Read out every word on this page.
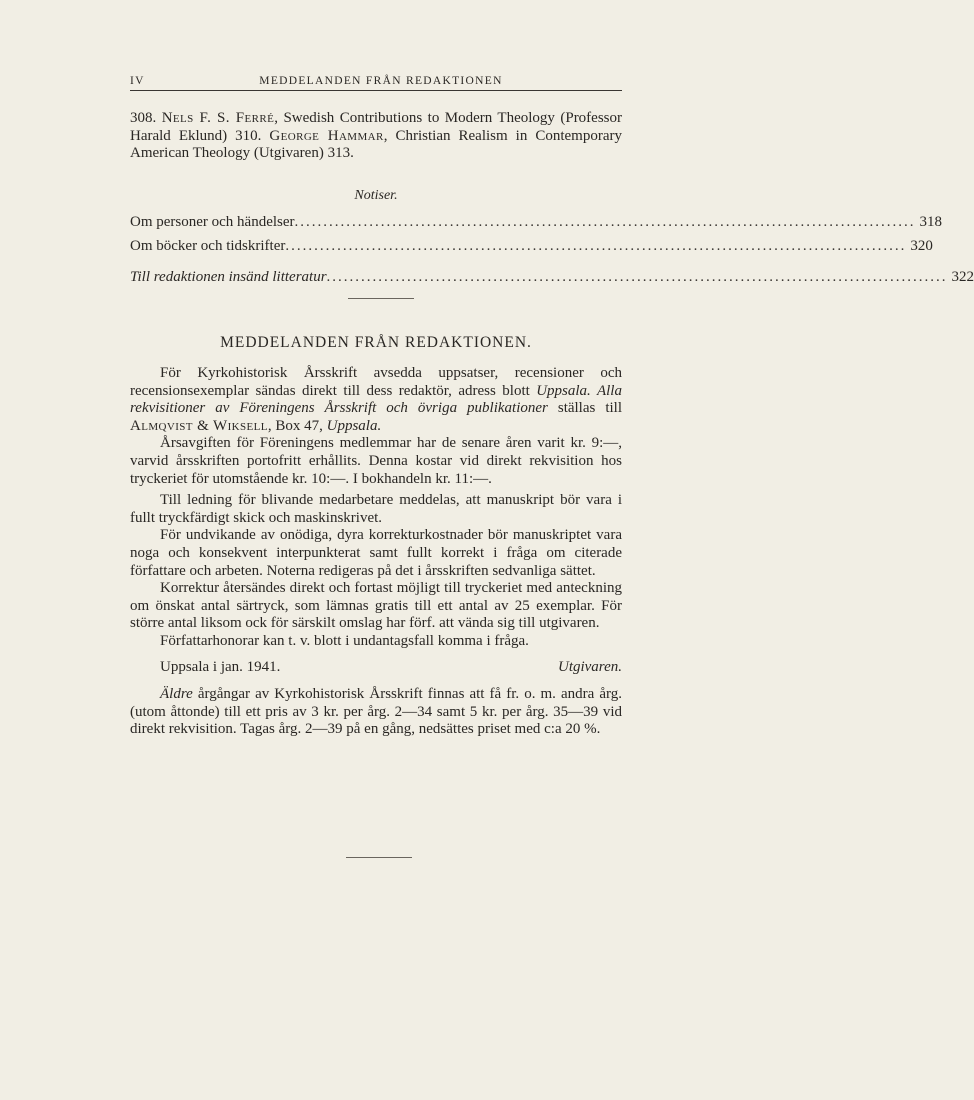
IV	MEDDELANDEN FRÅN REDAKTIONEN
308. Nels F. S. Ferré, Swedish Contributions to Modern Theology (Professor Harald Eklund) 310. George Hammar, Christian Realism in Contemporary American Theology (Utgivaren) 313.
Notiser.
Om personer och händelser ............................................................................................................ 318
Om böcker och tidskrifter ............................................................................................................ 320
Till redaktionen insänd litteratur ............................................................................................................ 322
MEDDELANDEN FRÅN REDAKTIONEN.
För Kyrkohistorisk Årsskrift avsedda uppsatser, recensioner och recensionsexemplar sändas direkt till dess redaktör, adress blott Uppsala. Alla rekvisitioner av Föreningens Årsskrift och övriga publikationer ställas till Almqvist & Wiksell, Box 47, Uppsala.
Årsavgiften för Föreningens medlemmar har de senare åren varit kr. 9:—, varvid årsskriften portofritt erhållits. Denna kostar vid direkt rekvisition hos tryckeriet för utomstående kr. 10:—. I bokhandeln kr. 11:—.
Till ledning för blivande medarbetare meddelas, att manuskript bör vara i fullt tryckfärdigt skick och maskinskrivet.
För undvikande av onödiga, dyra korrekturkostnader bör manuskriptet vara noga och konsekvent interpunkterat samt fullt korrekt i fråga om citerade författare och arbeten. Noterna redigeras på det i årsskriften sedvanliga sättet.
Korrektur återsändes direkt och fortast möjligt till tryckeriet med anteckning om önskat antal särtryck, som lämnas gratis till ett antal av 25 exemplar. För större antal liksom ock för särskilt omslag har förf. att vända sig till utgivaren.
Författarhonorar kan t. v. blott i undantagsfall komma i fråga.
Uppsala i jan. 1941.	Utgivaren.
Äldre årgångar av Kyrkohistorisk Årsskrift finnas att få fr. o. m. andra årg. (utom åttonde) till ett pris av 3 kr. per årg. 2—34 samt 5 kr. per årg. 35—39 vid direkt rekvisition. Tagas årg. 2—39 på en gång, nedsättes priset med c:a 20 %.
